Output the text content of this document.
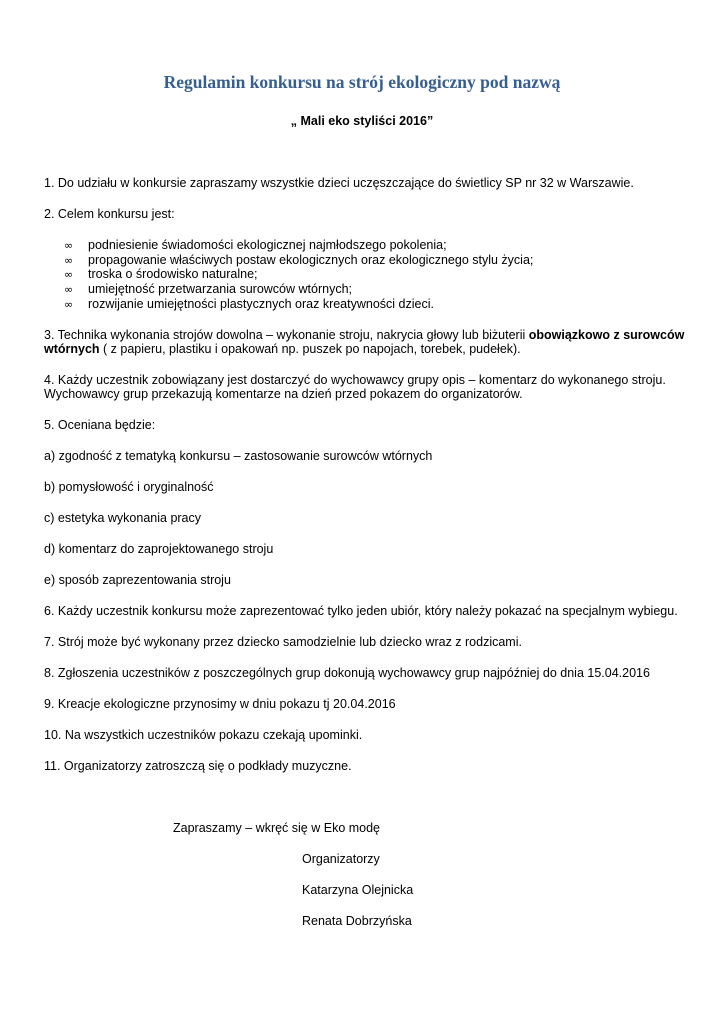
Regulamin konkursu na strój ekologiczny pod nazwą

„ Mali eko styliści 2016”

1. Do udziału w konkursie zapraszamy wszystkie dzieci uczęszczające do świetlicy SP nr 32 w Warszawie.

2. Celem konkursu jest:

∞ podniesienie świadomości ekologicznej najmłodszego pokolenia;
∞ propagowanie właściwych postaw ekologicznych oraz ekologicznego stylu życia;
∞ troska o środowisko naturalne;
∞ umiejętność przetwarzania surowców wtórnych;
∞ rozwijanie umiejętności plastycznych oraz kreatywności dzieci.

3. Technika wykonania strojów dowolna – wykonanie stroju, nakrycia głowy lub biżuterii obowiązkowo z surowców

wtórnych ( z papieru, plastiku i opakowań np. puszek po napojach, torebek, pudełek).

4. Każdy uczestnik zobowiązany jest dostarczyć do wychowawcy grupy opis – komentarz do wykonanego stroju.

Wychowawcy grup przekazują komentarze na dzień przed pokazem do organizatorów.

5. Oceniana będzie:

a) zgodność z tematyką konkursu – zastosowanie surowców wtórnych

b) pomysłowość i oryginalność

c) estetyka wykonania pracy

d) komentarz do zaprojektowanego stroju

e) sposób zaprezentowania stroju

6. Każdy uczestnik konkursu może zaprezentować tylko jeden ubiór, który należy pokazać na specjalnym wybiegu.

7. Strój może być wykonany przez dziecko samodzielnie lub dziecko wraz z rodzicami.

8. Zgłoszenia uczestników z poszczególnych grup dokonują wychowawcy grup najpóźniej do dnia 15.04.2016

9. Kreacje ekologiczne przynosimy w dniu pokazu tj 20.04.2016

10. Na wszystkich uczestników pokazu czekają upominki.

11. Organizatorzy zatroszczą się o podkłady muzyczne.

Zapraszamy – wkręć się w Eko modę

Organizatorzy

Katarzyna Olejnicka

Renata Dobrzyńska
